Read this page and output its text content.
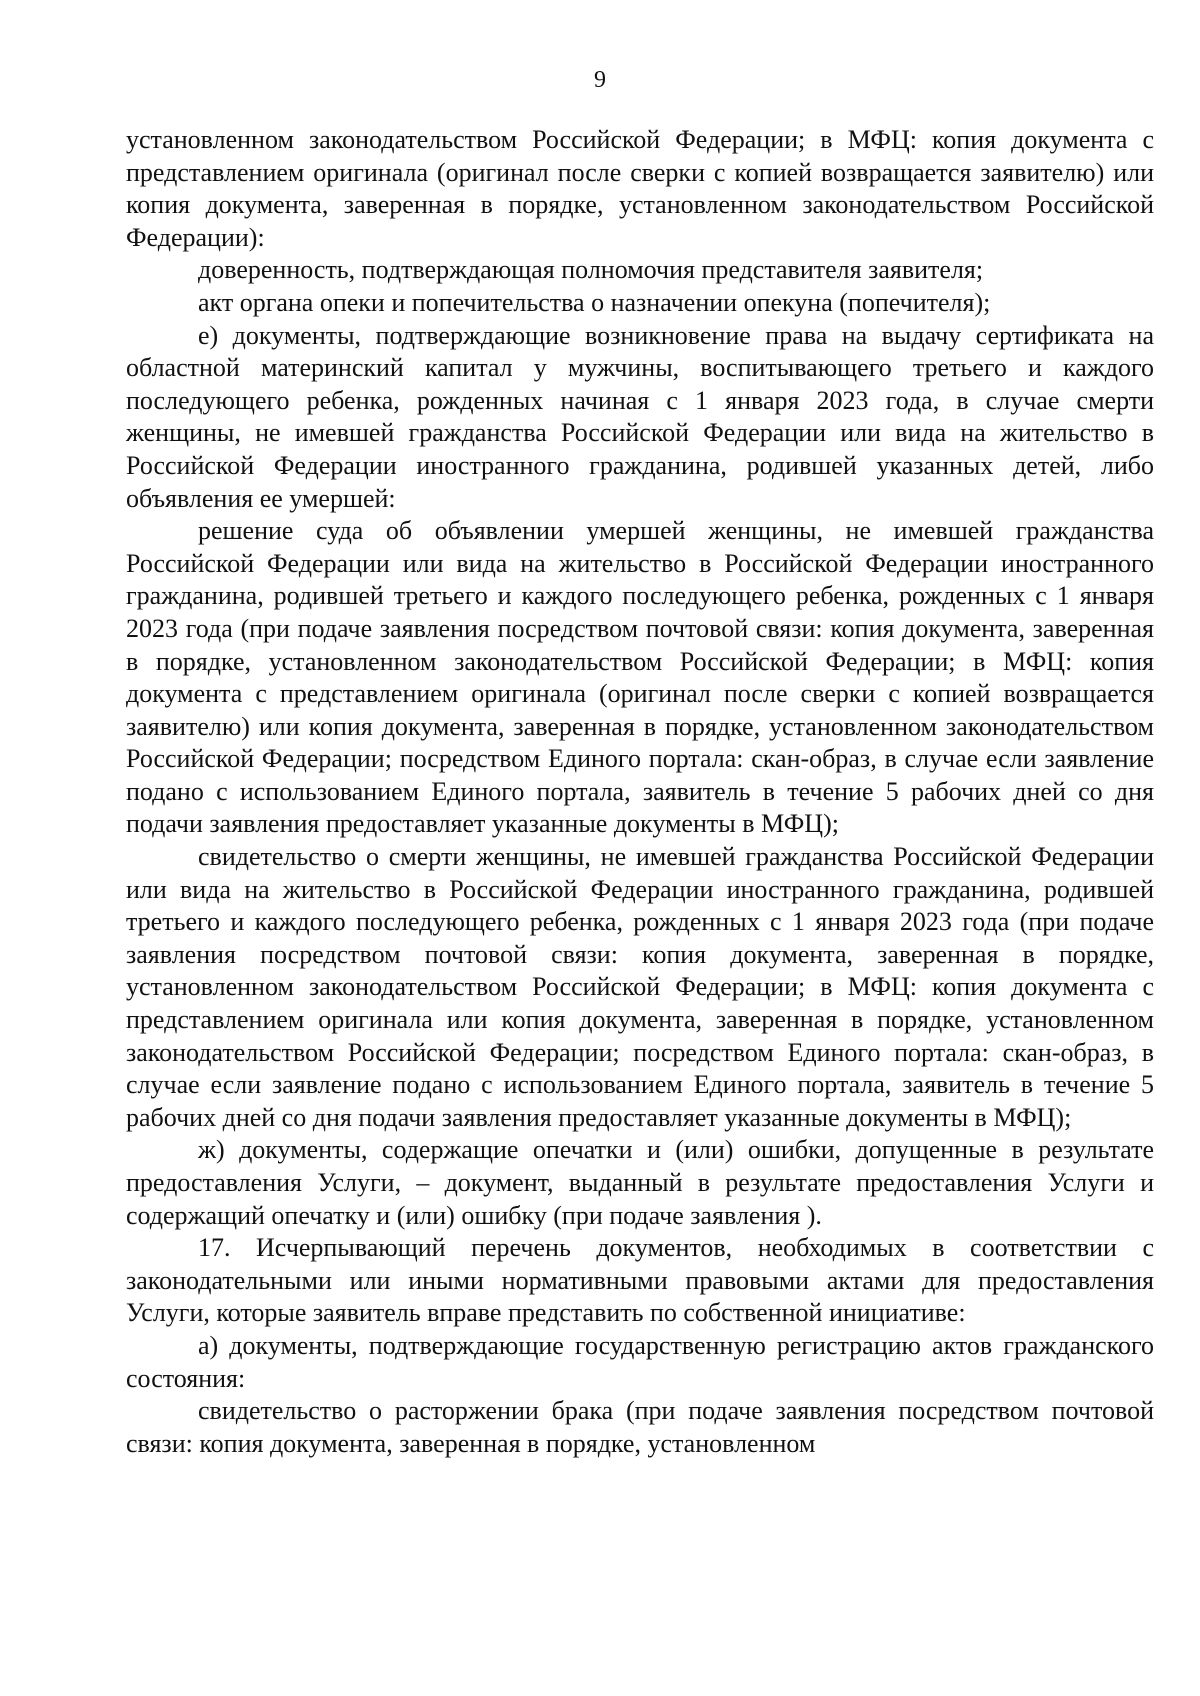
9

установленном законодательством Российской Федерации; в МФЦ: копия документа с представлением оригинала (оригинал после сверки с копией возвращается заявителю) или копия документа, заверенная в порядке, установленном законодательством Российской Федерации):

доверенность, подтверждающая полномочия представителя заявителя;

акт органа опеки и попечительства о назначении опекуна (попечителя);

е) документы, подтверждающие возникновение права на выдачу сертификата на областной материнский капитал у мужчины, воспитывающего третьего и каждого последующего ребенка, рожденных начиная с 1 января 2023 года, в случае смерти женщины, не имевшей гражданства Российской Федерации или вида на жительство в Российской Федерации иностранного гражданина, родившей указанных детей, либо объявления ее умершей:

решение суда об объявлении умершей женщины, не имевшей гражданства Российской Федерации или вида на жительство в Российской Федерации иностранного гражданина, родившей третьего и каждого последующего ребенка, рожденных с 1 января 2023 года (при подаче заявления посредством почтовой связи: копия документа, заверенная в порядке, установленном законодательством Российской Федерации; в МФЦ: копия документа с представлением оригинала (оригинал после сверки с копией возвращается заявителю) или копия документа, заверенная в порядке, установленном законодательством Российской Федерации; посредством Единого портала: скан-образ, в случае если заявление подано с использованием Единого портала, заявитель в течение 5 рабочих дней со дня подачи заявления предоставляет указанные документы в МФЦ);

свидетельство о смерти женщины, не имевшей гражданства Российской Федерации или вида на жительство в Российской Федерации иностранного гражданина, родившей третьего и каждого последующего ребенка, рожденных с 1 января 2023 года (при подаче заявления посредством почтовой связи: копия документа, заверенная в порядке, установленном законодательством Российской Федерации; в МФЦ: копия документа с представлением оригинала или копия документа, заверенная в порядке, установленном законодательством Российской Федерации; посредством Единого портала: скан-образ, в случае если заявление подано с использованием Единого портала, заявитель в течение 5 рабочих дней со дня подачи заявления предоставляет указанные документы в МФЦ);

ж) документы, содержащие опечатки и (или) ошибки, допущенные в результате предоставления Услуги, – документ, выданный в результате предоставления Услуги и содержащий опечатку и (или) ошибку (при подаче заявления ).

17. Исчерпывающий перечень документов, необходимых в соответствии с законодательными или иными нормативными правовыми актами для предоставления Услуги, которые заявитель вправе представить по собственной инициативе:

а) документы, подтверждающие государственную регистрацию актов гражданского состояния:

свидетельство о расторжении брака (при подаче заявления посредством почтовой связи: копия документа, заверенная в порядке, установленном
